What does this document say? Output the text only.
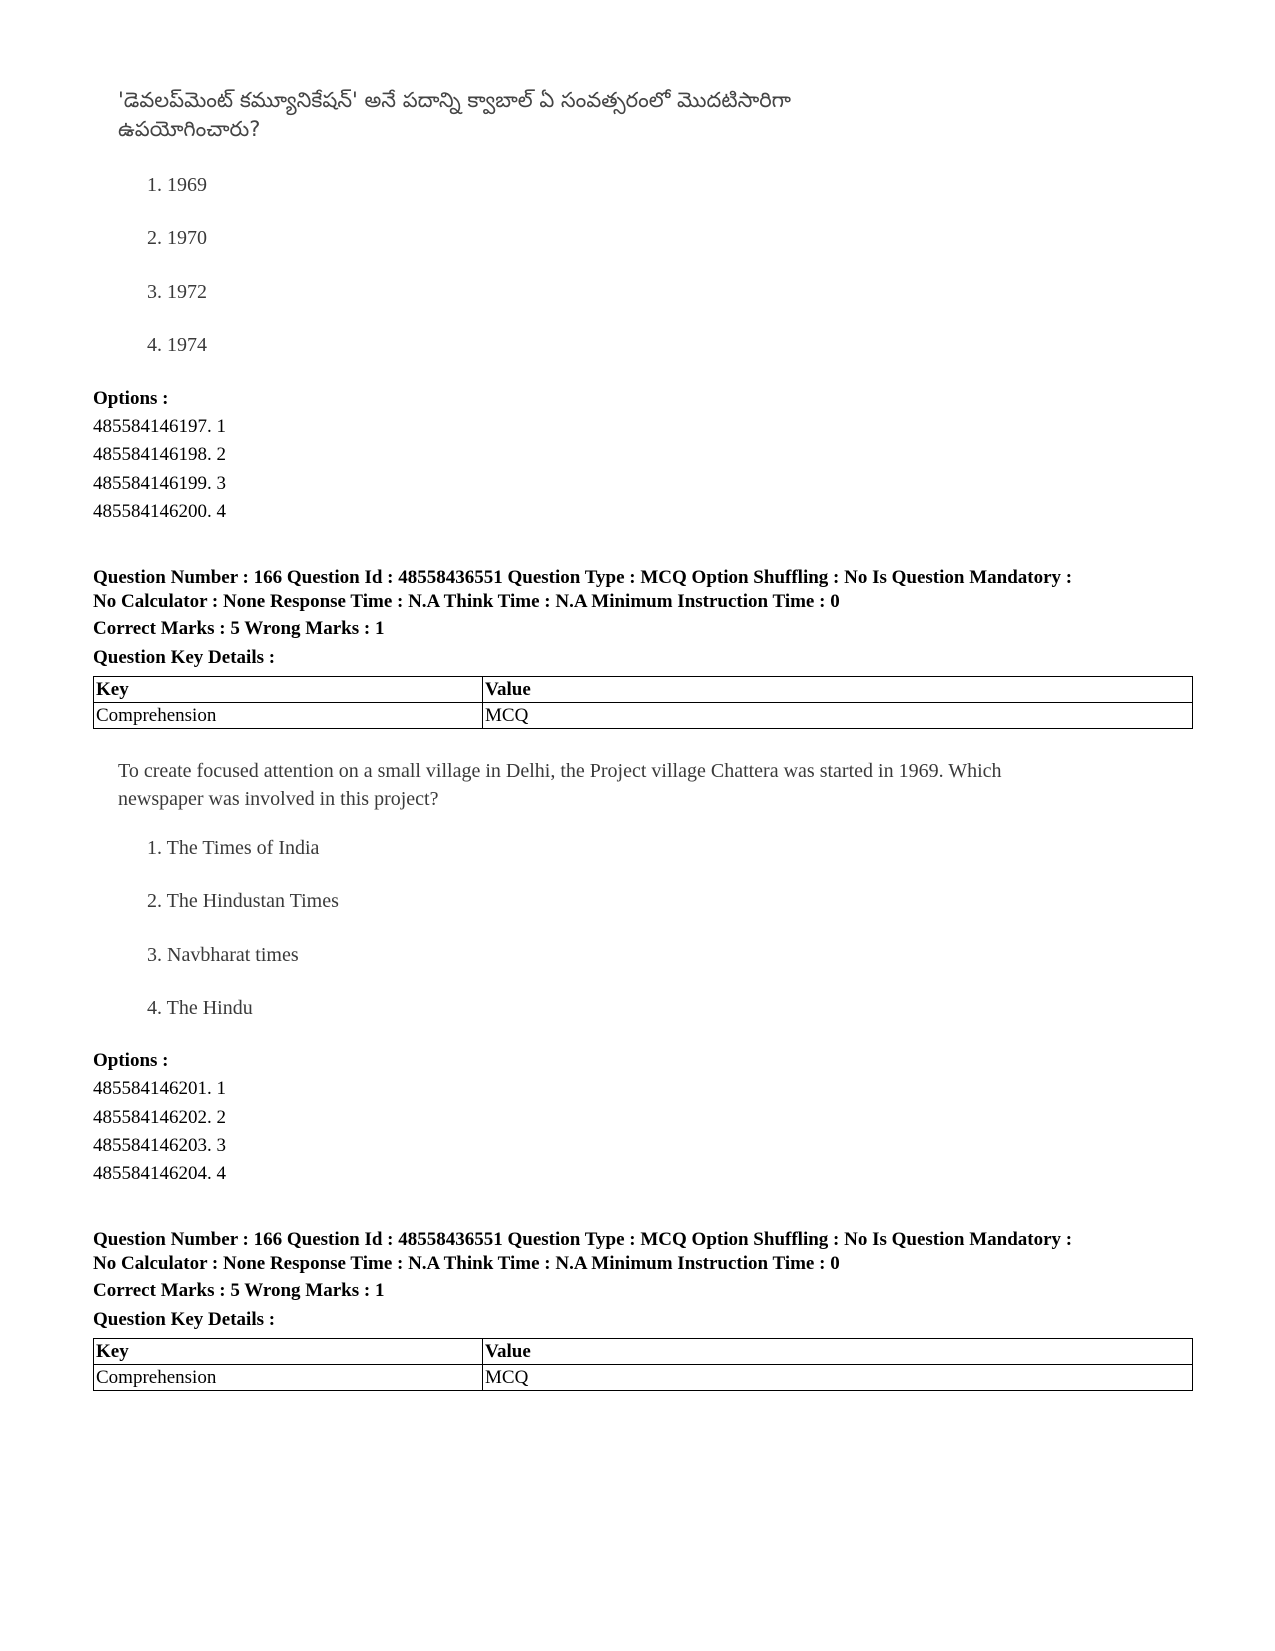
'డెవలప్‌మెంట్ కమ్యూనికేషన్' అనే పదాన్ని క్వాబాల్ ఏ సంవత్సరంలో మొదటిసారిగా

ఉపయోగించారు?

1. 1969
2. 1970
3. 1972
4. 1974
Options :
485584146197. 1
485584146198. 2
485584146199. 3
485584146200. 4
Question Number : 166 Question Id : 48558436551 Question Type : MCQ Option Shuffling : No Is Question Mandatory :
No Calculator : None Response Time : N.A Think Time : N.A Minimum Instruction Time : 0
Correct Marks : 5 Wrong Marks : 1
Question Key Details :
Key	Value
Comprehension	MCQ

To create focused attention on a small village in Delhi, the Project village Chattera was started in 1969. Which

newspaper was involved in this project?

1. The Times of India
2. The Hindustan Times
3. Navbharat times
4. The Hindu
Options :
485584146201. 1
485584146202. 2
485584146203. 3
485584146204. 4
Question Number : 166 Question Id : 48558436551 Question Type : MCQ Option Shuffling : No Is Question Mandatory :
No Calculator : None Response Time : N.A Think Time : N.A Minimum Instruction Time : 0
Correct Marks : 5 Wrong Marks : 1
Question Key Details :
Key	Value
Comprehension	MCQ
